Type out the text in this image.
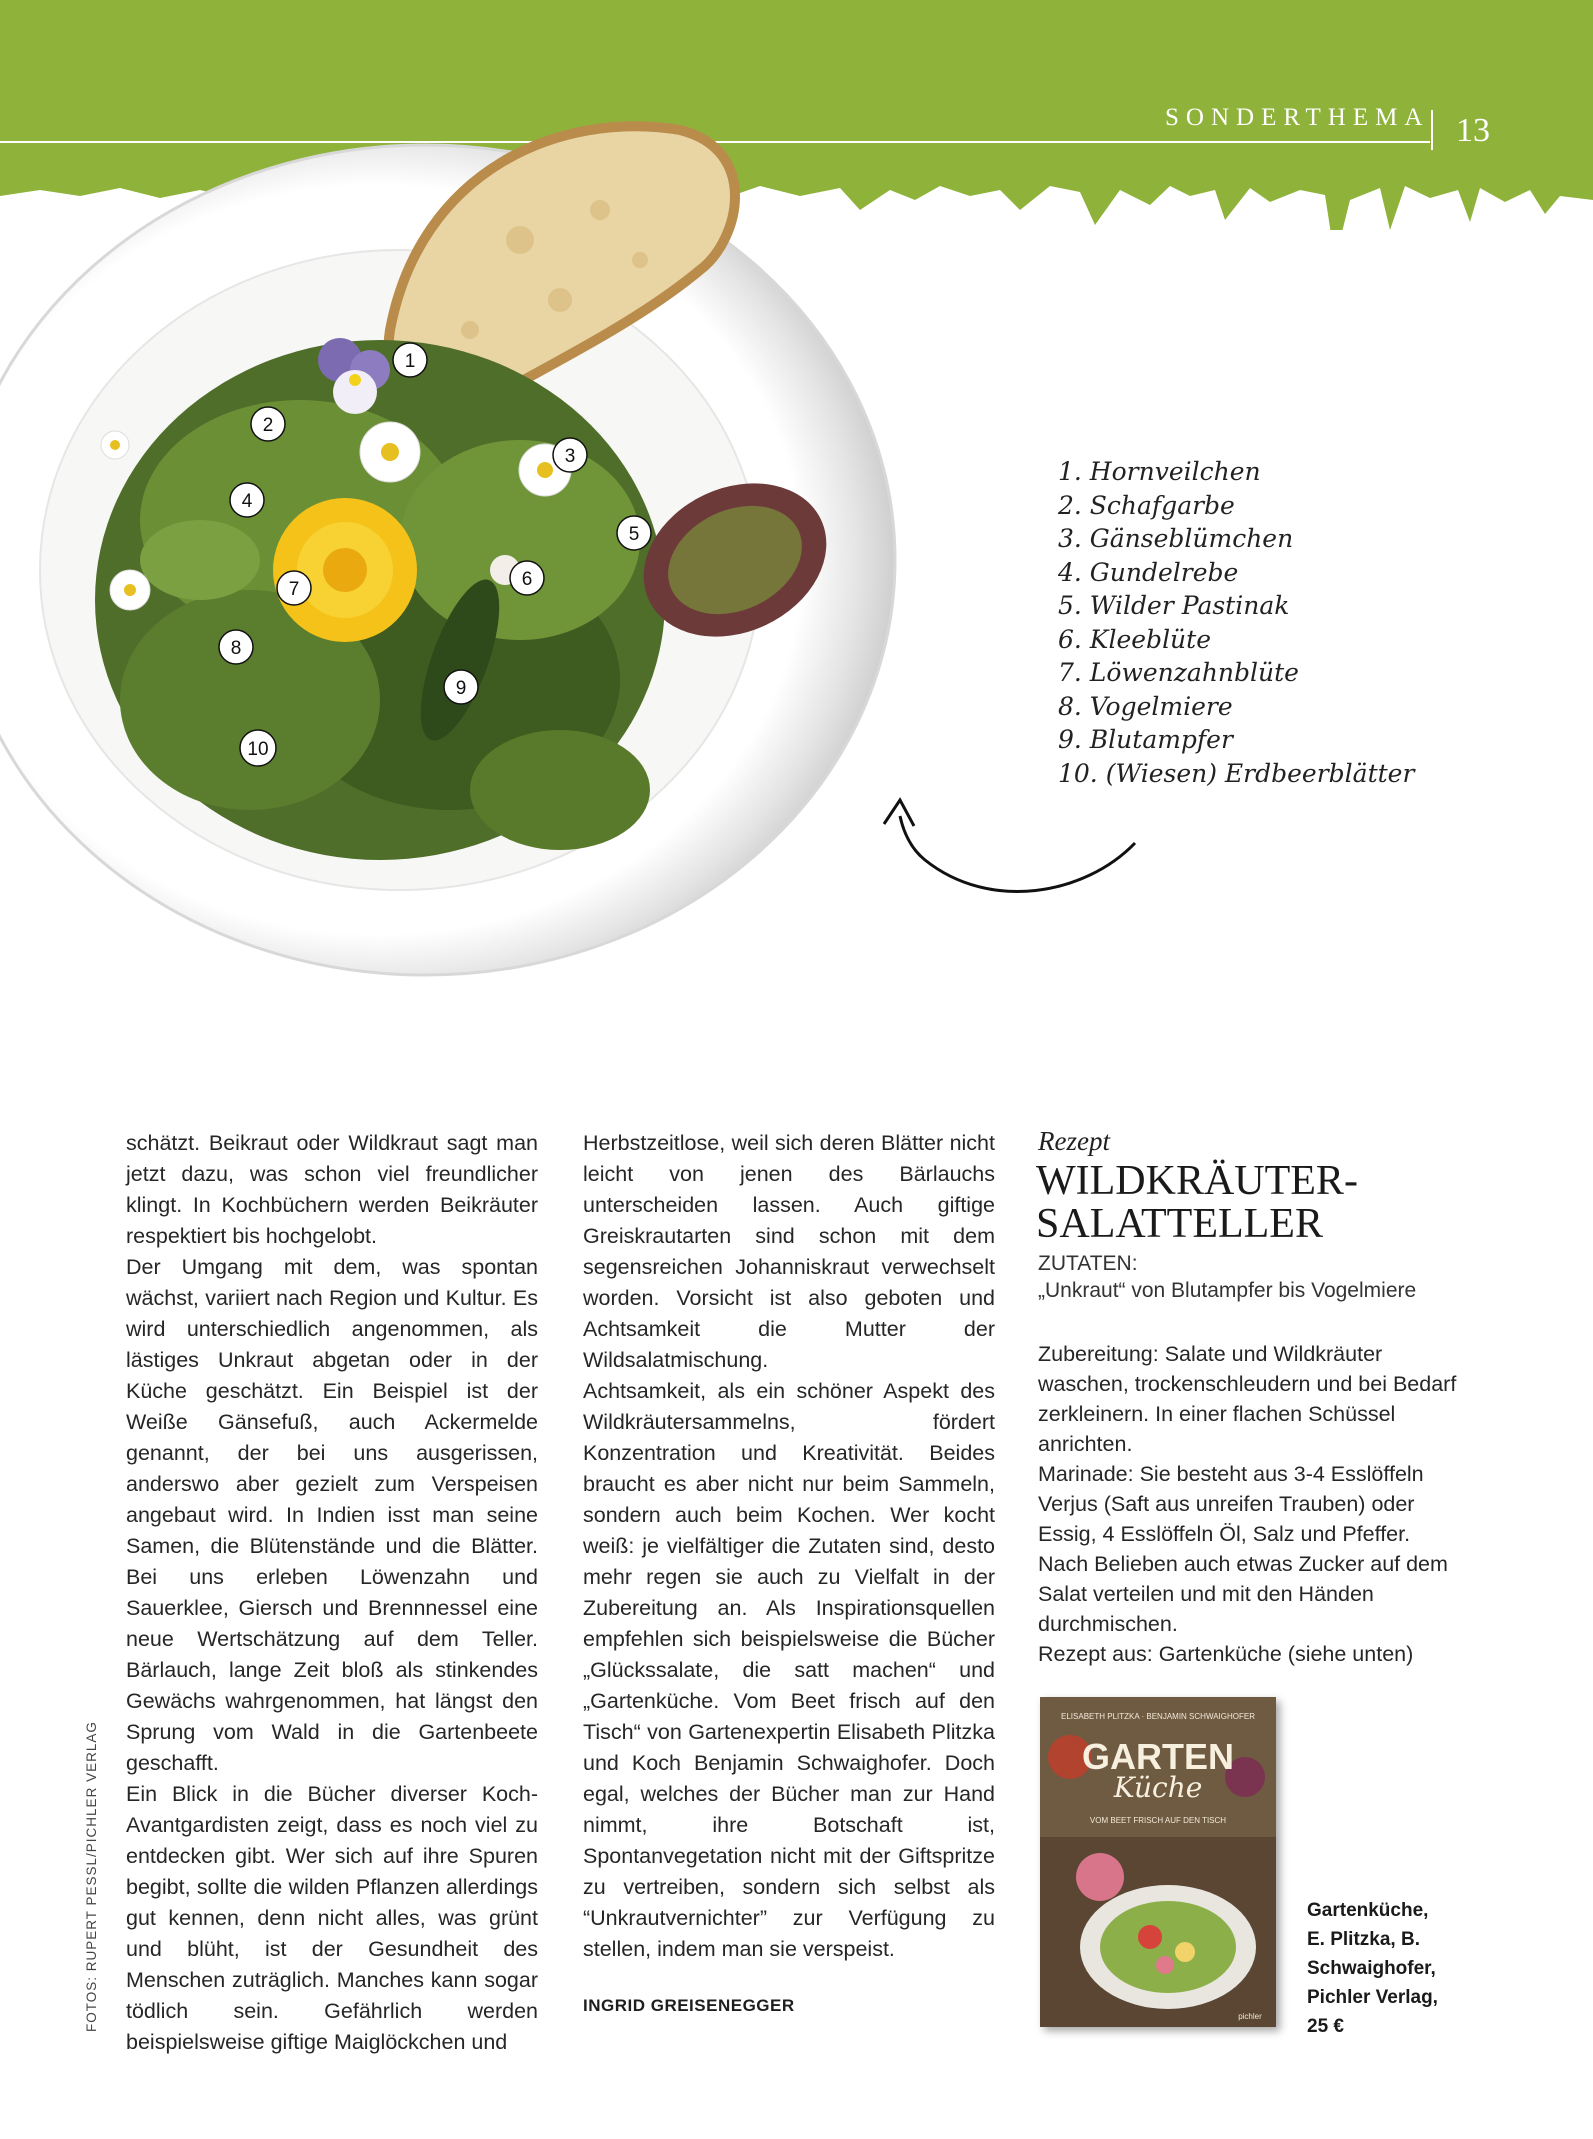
SONDERTHEMA 13
1
2
3
4
5
6
7
8
9
10
1. Hornveilchen
2. Schafgarbe
3. Gänseblümchen
4. Gundelrebe
5. Wilder Pastinak
6. Kleeblüte
7. Löwenzahnblüte
8. Vogelmiere
9. Blutampfer
10. (Wiesen) Erdbeerblätter

schätzt. Beikraut oder Wildkraut sagt man jetzt dazu, was schon viel freundlicher klingt. In Kochbüchern werden Beikräuter respektiert bis hochgelobt.

Der Umgang mit dem, was spontan wächst, variiert nach Region und Kultur. Es wird unterschiedlich angenommen, als lästiges Unkraut abgetan oder in der Küche geschätzt. Ein Beispiel ist der Weiße Gänsefuß, auch Ackermelde genannt, der bei uns ausgerissen, anderswo aber gezielt zum Verspeisen angebaut wird. In Indien isst man seine Samen, die Blütenstände und die Blätter. Bei uns erleben Löwenzahn und Sauerklee, Giersch und Brennnessel eine neue Wertschätzung auf dem Teller. Bärlauch, lange Zeit bloß als stinkendes Gewächs wahrgenommen, hat längst den Sprung vom Wald in die Gartenbeete geschafft.

Ein Blick in die Bücher diverser Koch-Avantgardisten zeigt, dass es noch viel zu entdecken gibt. Wer sich auf ihre Spuren begibt, sollte die wilden Pflanzen allerdings gut kennen, denn nicht alles, was grünt und blüht, ist der Gesundheit des Menschen zuträglich. Manches kann sogar tödlich sein. Gefährlich werden beispielsweise giftige Maiglöckchen und

Herbstzeitlose, weil sich deren Blätter nicht leicht von jenen des Bärlauchs unterscheiden lassen. Auch giftige Greiskrautarten sind schon mit dem segensreichen Johanniskraut verwechselt worden. Vorsicht ist also geboten und Achtsamkeit die Mutter der Wildsalatmischung.

Achtsamkeit, als ein schöner Aspekt des Wildkräutersammelns, fördert Konzentration und Kreativität. Beides braucht es aber nicht nur beim Sammeln, sondern auch beim Kochen. Wer kocht weiß: je vielfältiger die Zutaten sind, desto mehr regen sie auch zu Vielfalt in der Zubereitung an. Als Inspirationsquellen empfehlen sich beispielsweise die Bücher „Glückssalate, die satt machen“ und „Gartenküche. Vom Beet frisch auf den Tisch“ von Gartenexpertin Elisabeth Plitzka und Koch Benjamin Schwaighofer. Doch egal, welches der Bücher man zur Hand nimmt, ihre Botschaft ist, Spontanvegetation nicht mit der Giftspritze zu vertreiben, sondern sich selbst als “Unkrautvernichter” zur Verfügung zu stellen, indem man sie verspeist.

INGRID GREISENEGGER
FOTOS: RUPERT PESSL/PICHLER VERLAG
Rezept
WILDKRÄUTER-
SALATTELLER
ZUTATEN:
„Unkraut“ von Blutampfer bis Vogelmiere

Zubereitung: Salate und Wildkräuter waschen, trockenschleudern und bei Bedarf zerkleinern. In einer flachen Schüssel anrichten.

Marinade: Sie besteht aus 3-4 Esslöffeln Verjus (Saft aus unreifen Trauben) oder Essig, 4 Esslöffeln Öl, Salz und Pfeffer. Nach Belieben auch etwas Zucker auf dem Salat verteilen und mit den Händen durchmischen.

Rezept aus: Gartenküche (siehe unten)

ELISABETH PLITZKA · BENJAMIN SCHWAIGHOFER
GARTEN
Küche
VOM BEET FRISCH AUF DEN TISCH
pichler
Gartenküche,
E. Plitzka, B.
Schwaighofer,
Pichler Verlag,
25 €
